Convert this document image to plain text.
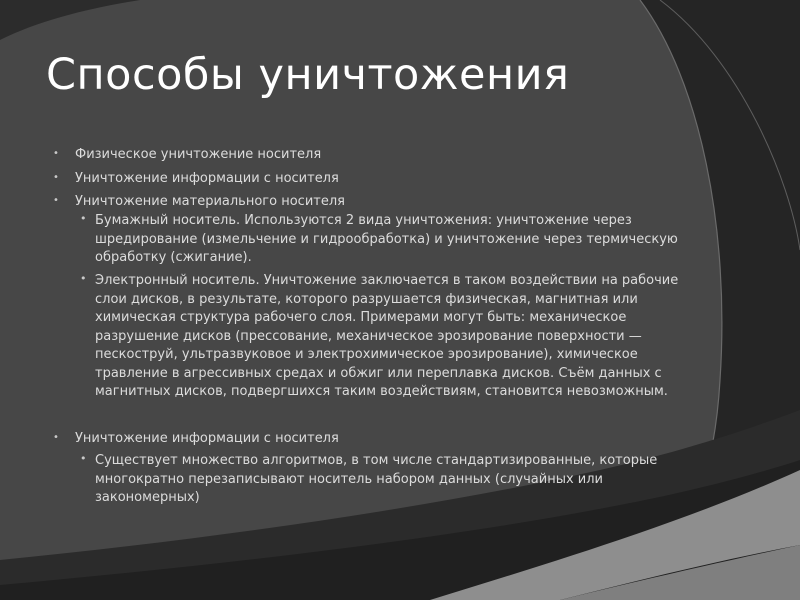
Способы уничтожения
• Физическое уничтожение носителя
• Уничтожение информации с носителя
• Уничтожение материального носителя
• Бумажный носитель. Используются 2 вида уничтожения: уничтожение через шредирование (измельчение и гидрообработка) и уничтожение через термическую обработку (сжигание).
• Электронный носитель. Уничтожение заключается в таком воздействии на рабочие слои дисков, в результате, которого разрушается физическая, магнитная или химическая структура рабочего слоя. Примерами могут быть: механическое разрушение дисков (прессование, механическое эрозирование поверхности — пескоструй, ультразвуковое и электрохимическое эрозирование), химическое травление в агрессивных средах и обжиг или переплавка дисков. Съём данных с магнитных дисков, подвергшихся таким воздействиям, становится невозможным.
• Уничтожение информации с носителя
• Существует множество алгоритмов, в том числе стандартизированные, которые многократно перезаписывают носитель набором данных (случайных или закономерных)
